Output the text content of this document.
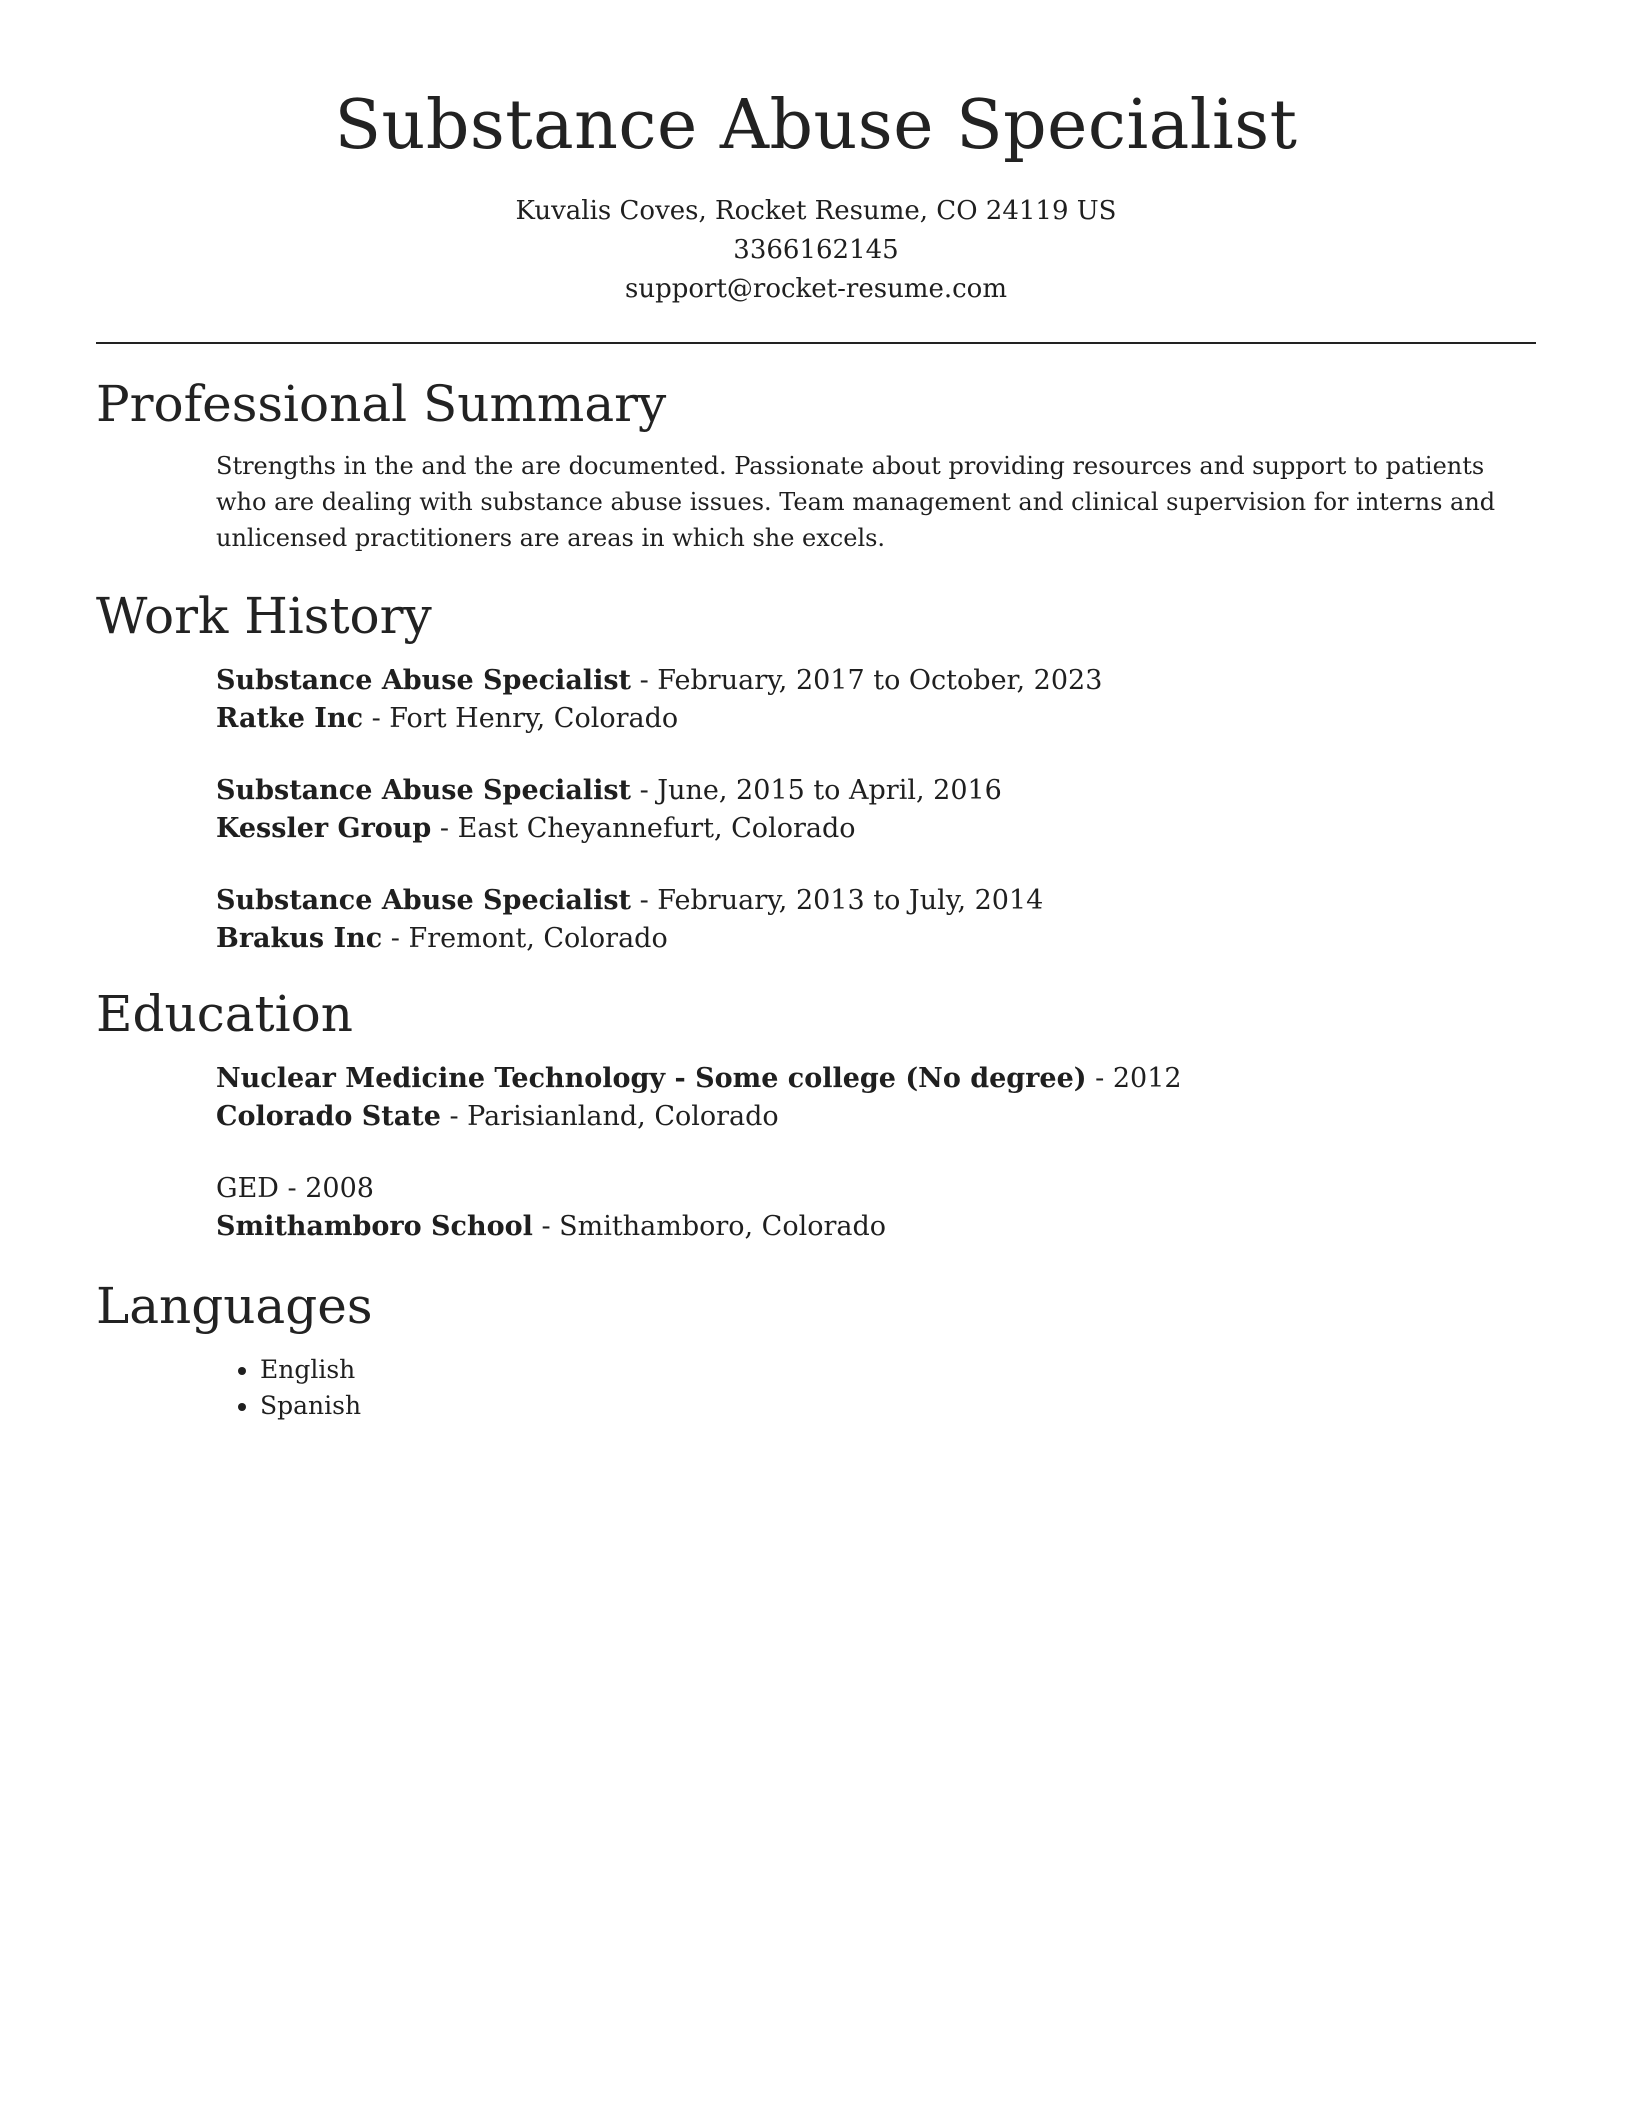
Substance Abuse Specialist
Kuvalis Coves, Rocket Resume, CO 24119 US
3366162145
support@rocket-resume.com
Professional Summary
Strengths in the and the are documented. Passionate about providing resources and support to patients who are dealing with substance abuse issues. Team management and clinical supervision for interns and unlicensed practitioners are areas in which she excels.
Work History
Substance Abuse Specialist - February, 2017 to October, 2023
Ratke Inc - Fort Henry, Colorado
Substance Abuse Specialist - June, 2015 to April, 2016
Kessler Group - East Cheyannefurt, Colorado
Substance Abuse Specialist - February, 2013 to July, 2014
Brakus Inc - Fremont, Colorado
Education
Nuclear Medicine Technology - Some college (No degree) - 2012
Colorado State - Parisianland, Colorado
GED - 2008
Smithamboro School - Smithamboro, Colorado
Languages
• English
• Spanish
